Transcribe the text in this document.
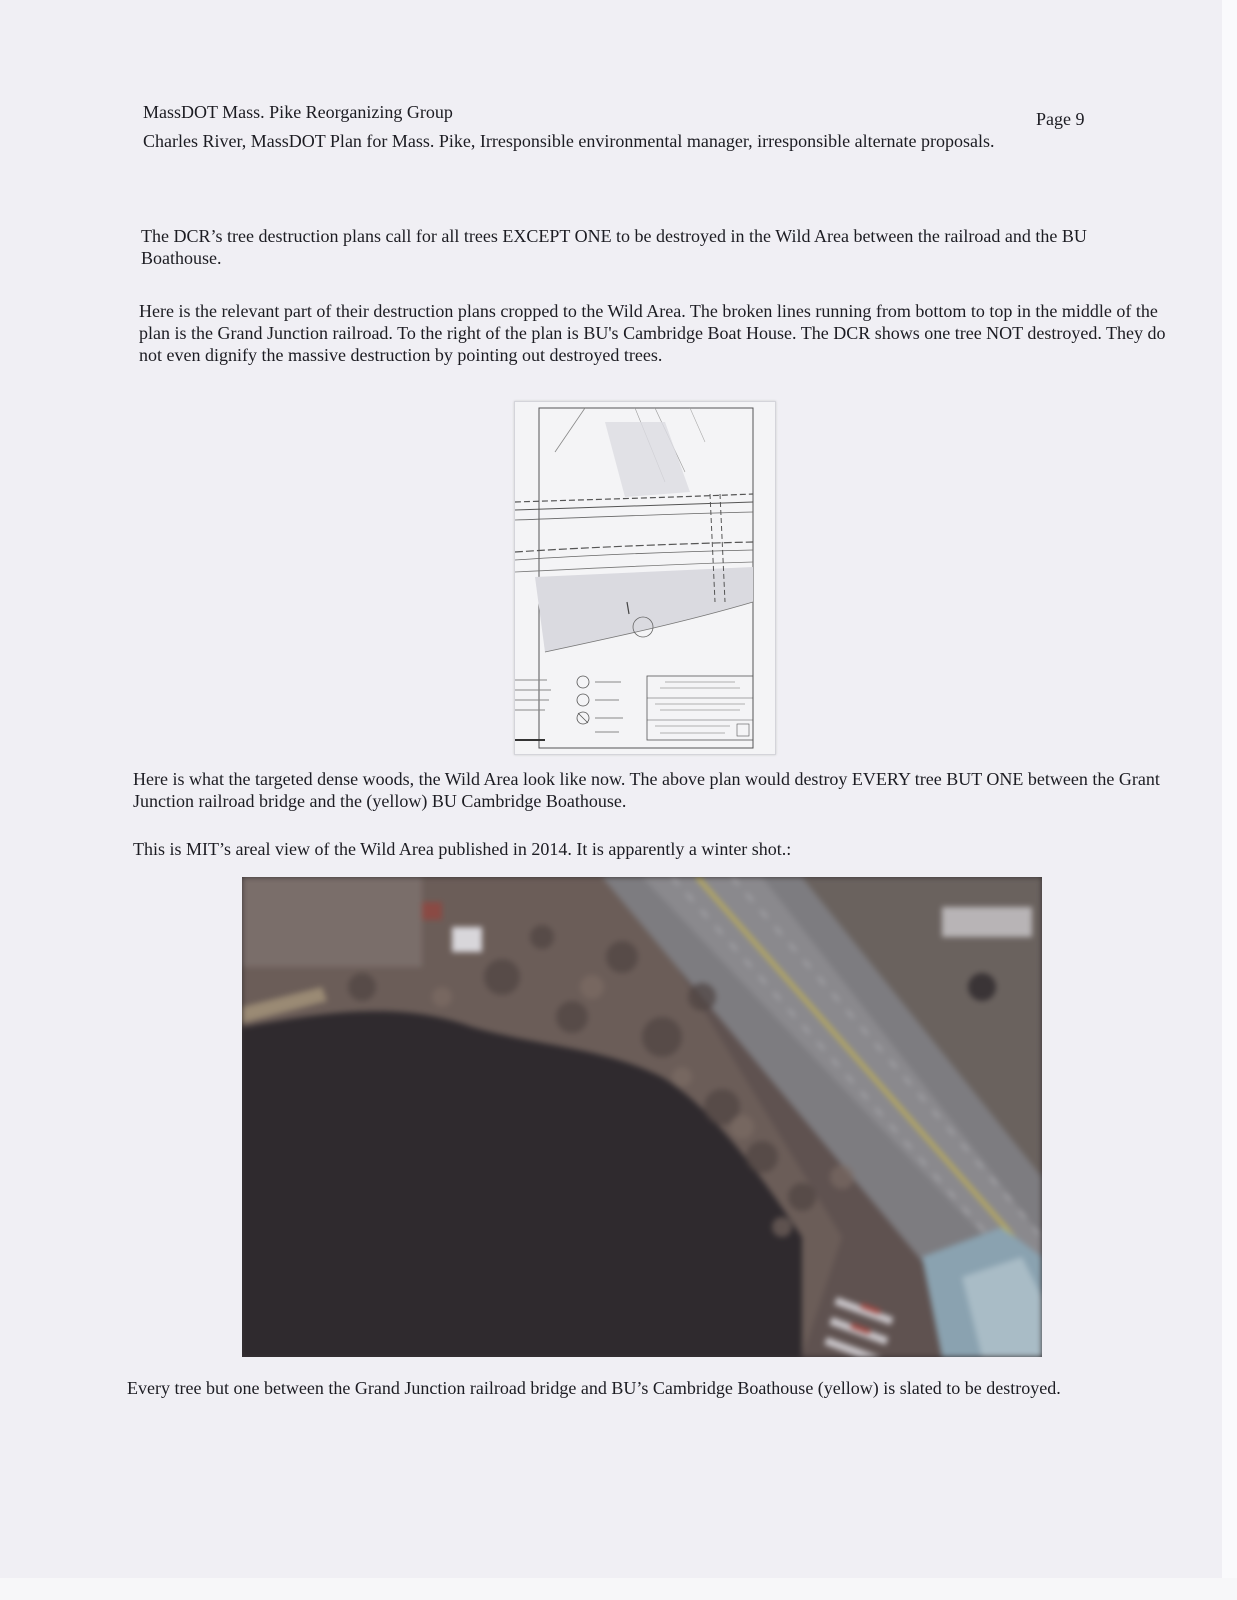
MassDOT Mass. Pike Reorganizing Group
Charles River, MassDOT Plan for Mass. Pike, Irresponsible environmental manager, irresponsible alternate proposals.
Page 9
The DCR’s tree destruction plans call for all trees EXCEPT ONE to be destroyed in the Wild Area between the railroad and the BU Boathouse.
Here is the relevant part of their destruction plans cropped to the Wild Area. The broken lines running from bottom to top in the middle of the plan is the Grand Junction railroad. To the right of the plan is BU's Cambridge Boat House. The DCR shows one tree NOT destroyed. They do not even dignify the massive destruction by pointing out destroyed trees.
Here is what the targeted dense woods, the Wild Area look like now. The above plan would destroy EVERY tree BUT ONE between the Grant Junction railroad bridge and the (yellow) BU Cambridge Boathouse.
This is MIT’s areal view of the Wild Area published in 2014. It is apparently a winter shot.:
Every tree but one between the Grand Junction railroad bridge and BU’s Cambridge Boathouse (yellow) is slated to be destroyed.
